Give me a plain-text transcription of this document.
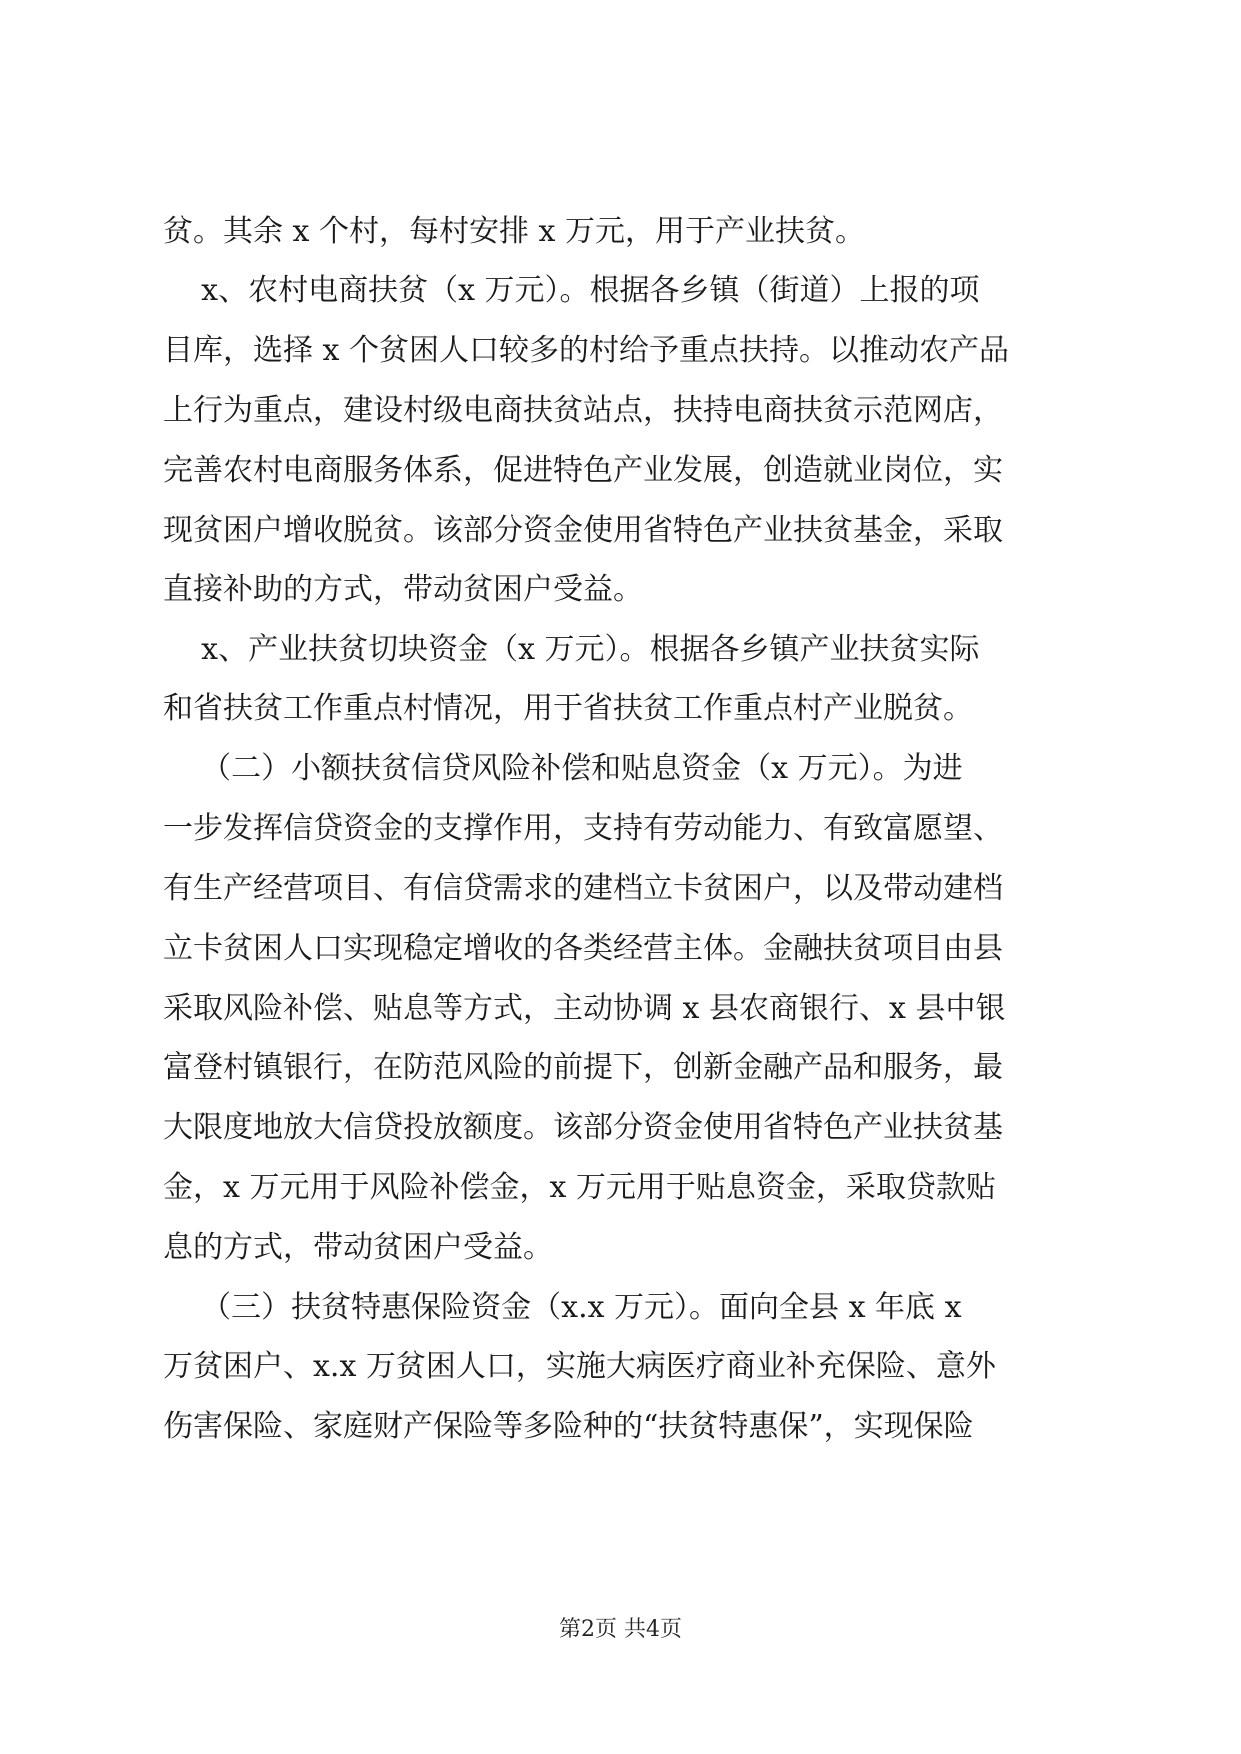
贫。其余 x 个村，每村安排 x 万元，用于产业扶贫。
x、农村电商扶贫（x 万元）。根据各乡镇（街道）上报的项
目库，选择 x 个贫困人口较多的村给予重点扶持。以推动农产品
上行为重点，建设村级电商扶贫站点，扶持电商扶贫示范网店，
完善农村电商服务体系，促进特色产业发展，创造就业岗位，实
现贫困户增收脱贫。该部分资金使用省特色产业扶贫基金，采取
直接补助的方式，带动贫困户受益。
x、产业扶贫切块资金（x 万元）。根据各乡镇产业扶贫实际
和省扶贫工作重点村情况，用于省扶贫工作重点村产业脱贫。
（二）小额扶贫信贷风险补偿和贴息资金（x 万元）。为进
一步发挥信贷资金的支撑作用，支持有劳动能力、有致富愿望、
有生产经营项目、有信贷需求的建档立卡贫困户，以及带动建档
立卡贫困人口实现稳定增收的各类经营主体。金融扶贫项目由县
采取风险补偿、贴息等方式，主动协调 x 县农商银行、x 县中银
富登村镇银行，在防范风险的前提下，创新金融产品和服务，最
大限度地放大信贷投放额度。该部分资金使用省特色产业扶贫基
金，x 万元用于风险补偿金，x 万元用于贴息资金，采取贷款贴
息的方式，带动贫困户受益。
（三）扶贫特惠保险资金（x.x 万元）。面向全县 x 年底 x
万贫困户、x.x 万贫困人口，实施大病医疗商业补充保险、意外
伤害保险、家庭财产保险等多险种的“扶贫特惠保”，实现保险
第2页 共4页
